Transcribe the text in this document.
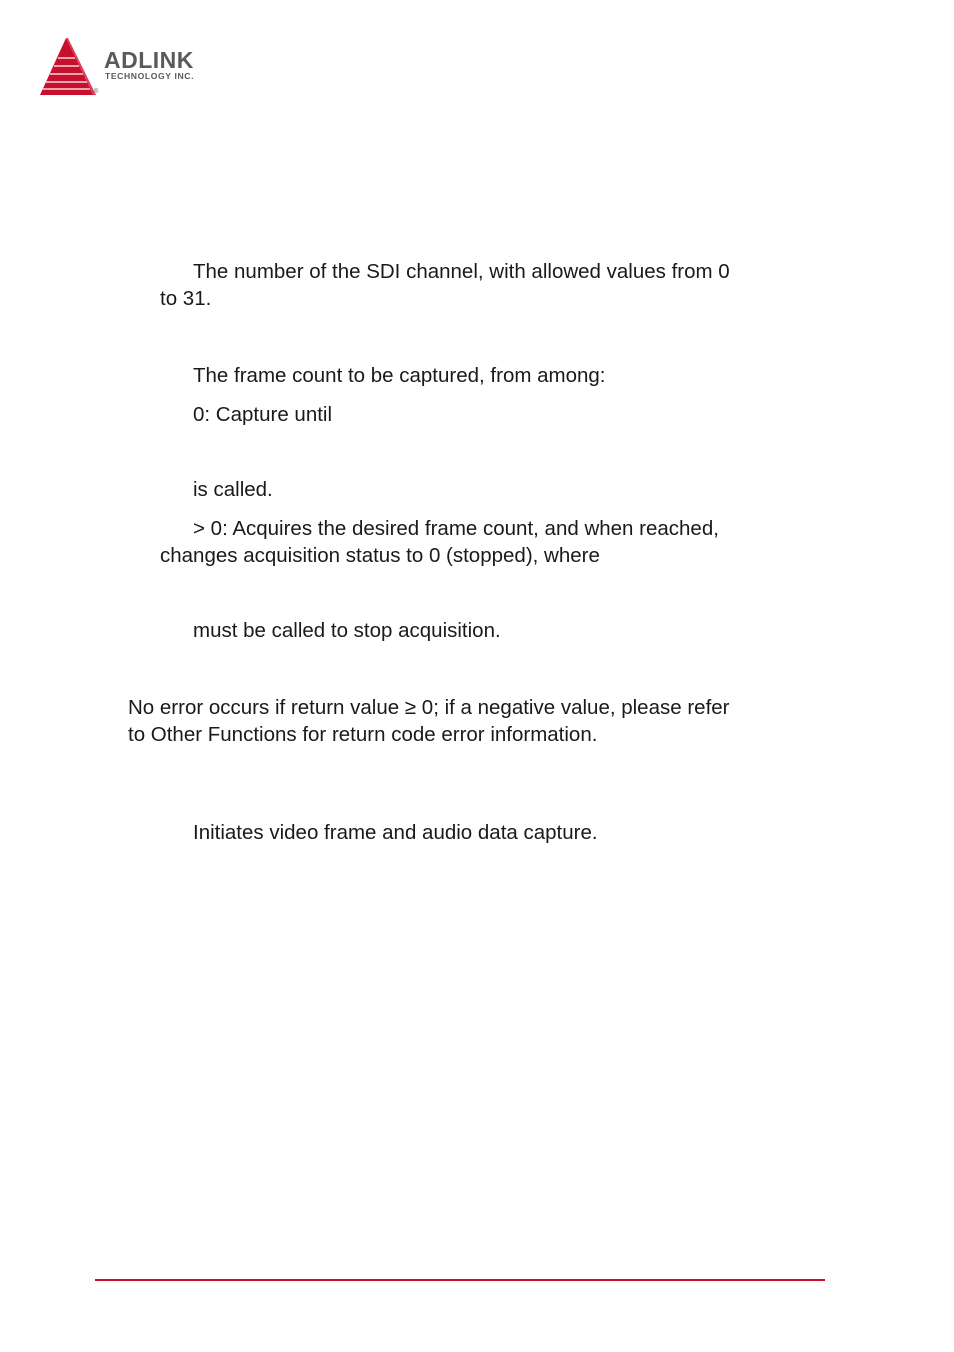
ADLINK
TECHNOLOGY INC.
®

The number of the SDI channel, with allowed values from 0

to 31.

The frame count to be captured, from among:

0: Capture until

is called.

> 0: Acquires the desired frame count, and when reached,

changes acquisition status to 0 (stopped), where

must be called to stop acquisition.

No error occurs if return value ≥ 0; if a negative value, please refer

to Other Functions for return code error information.

Initiates video frame and audio data capture.
